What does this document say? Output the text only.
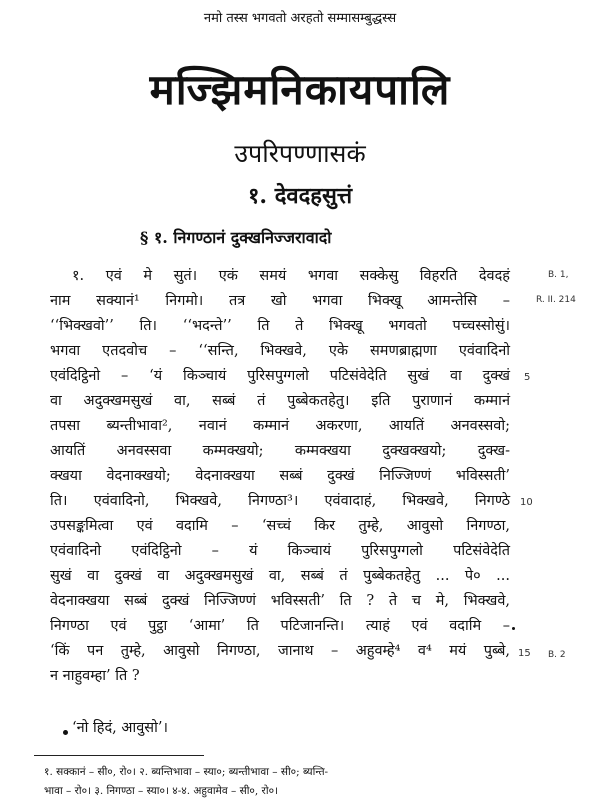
नमो तस्स भगवतो अरहतो सम्मासम्बुद्धस्स
मज्झिमनिकायपालि
उपरिपण्णासकं
१. देवदहसुत्तं
§ १. निगण्ठानं दुक्खनिज्जरावादो
१. एवं मे सुतं। एकं समयं भगवा सक्केसु विहरति देवदहं
नाम सक्यानं¹ निगमो। तत्र खो भगवा भिक्खू आमन्तेसि –
‘‘भिक्खवो’’ ति। ‘‘भदन्ते’’ ति ते भिक्खू भगवतो पच्चस्सोसुं।
भगवा एतदवोच – ‘‘सन्ति, भिक्खवे, एके समणब्राह्मणा एवंवादिनो
एवंदिट्ठिनो – ‘यं किञ्चायं पुरिसपुग्गलो पटिसंवेदेति सुखं वा दुक्खं
वा अदुक्खमसुखं वा, सब्बं तं पुब्बेकतहेतु। इति पुराणानं कम्मानं
तपसा ब्यन्तीभावा², नवानं कम्मानं अकरणा, आयतिं अनवस्सवो;
आयतिं अनवस्सवा कम्मक्खयो; कम्मक्खया दुक्खक्खयो; दुक्ख-
क्खया वेदनाक्खयो; वेदनाक्खया सब्बं दुक्खं निज्जिण्णं भविस्सती’
ति। एवंवादिनो, भिक्खवे, निगण्ठा³। एवंवादाहं, भिक्खवे, निगण्ठे
उपसङ्कमित्वा एवं वदामि – ‘सच्चं किर तुम्हे, आवुसो निगण्ठा,
एवंवादिनो एवंदिट्ठिनो – यं किञ्चायं पुरिसपुग्गलो पटिसंवेदेति
सुखं वा दुक्खं वा अदुक्खमसुखं वा, सब्बं तं पुब्बेकतहेतु ... पे० ...
वेदनाक्खया सब्बं दुक्खं निज्जिण्णं भविस्सती’ ति ? ते च मे, भिक्खवे,
निगण्ठा एवं पुट्ठा ‘आमा’ ति पटिजानन्ति। त्याहं एवं वदामि –
‘किं पन तुम्हे, आवुसो निगण्ठा, जानाथ – अहुवम्हे⁴ व⁴ मयं पुब्बे,
न नाहुवम्हा’ ति ?
‘नो हिदं, आवुसो’।
B. 1,
R. II. 214
B. 2
5
10
15
१. सक्कानं – सी०, रो०। २. ब्यन्तिभावा – स्या०; ब्यन्तीभावा – सी०; ब्यन्ति-
भावा – रो०। ३. निगण्ठा – स्या०। ४-४. अहुवामेव – सी०, रो०।
